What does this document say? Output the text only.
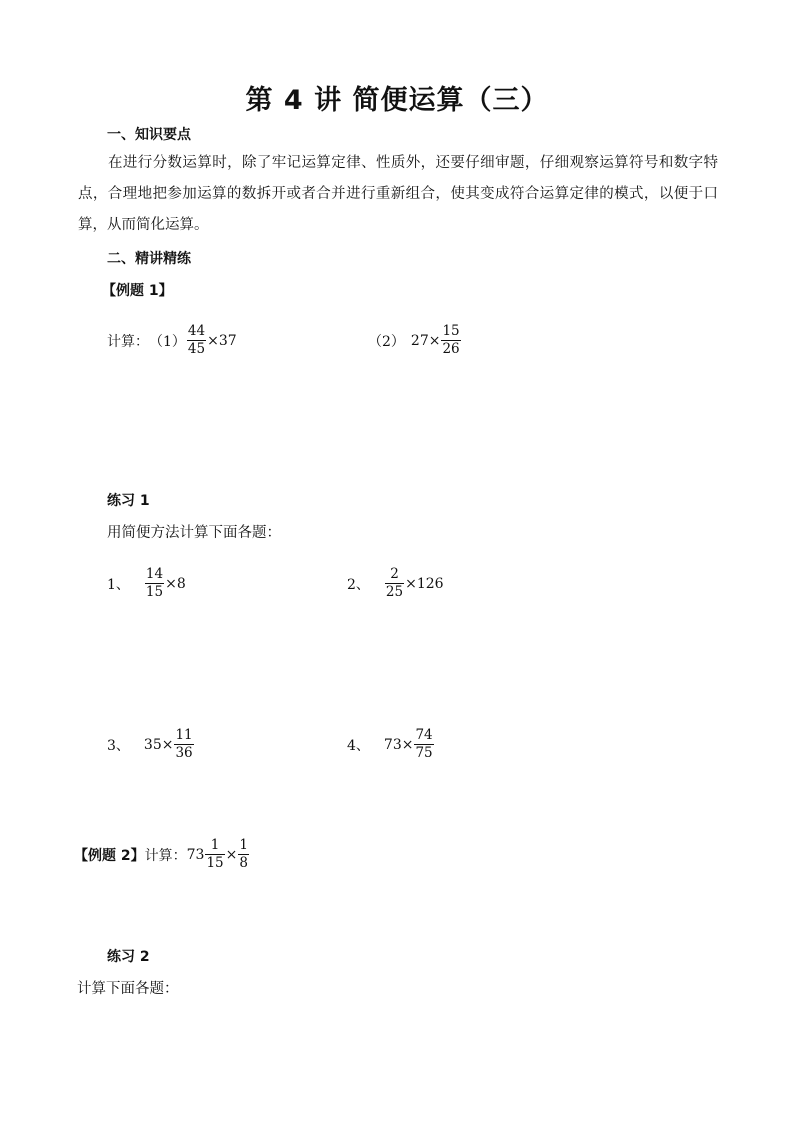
第 4 讲 简便运算（三）
一、知识要点
在进行分数运算时，除了牢记运算定律、性质外，还要仔细审题，仔细观察运算符号和数字特点，合理地把参加运算的数拆开或者合并进行重新组合，使其变成符合运算定律的模式，以便于口算，从而简化运算。
二、精讲精练
【例题 1】
计算： $(1) \frac{44}{45} \times 37$	（2） $27\times \frac{15}{26}$
练习 1
用简便方法计算下面各题：
1、 $\frac{14}{15} \times 8$	2、 $\frac{2}{25} \times 126$
3、 $35\times \frac{11}{36}$	4、 $73\times \frac{74}{75}$
【例题 2】 计算： $73 \frac{1}{15} \times \frac{1}{8}$
练习 2
计算下面各题：
